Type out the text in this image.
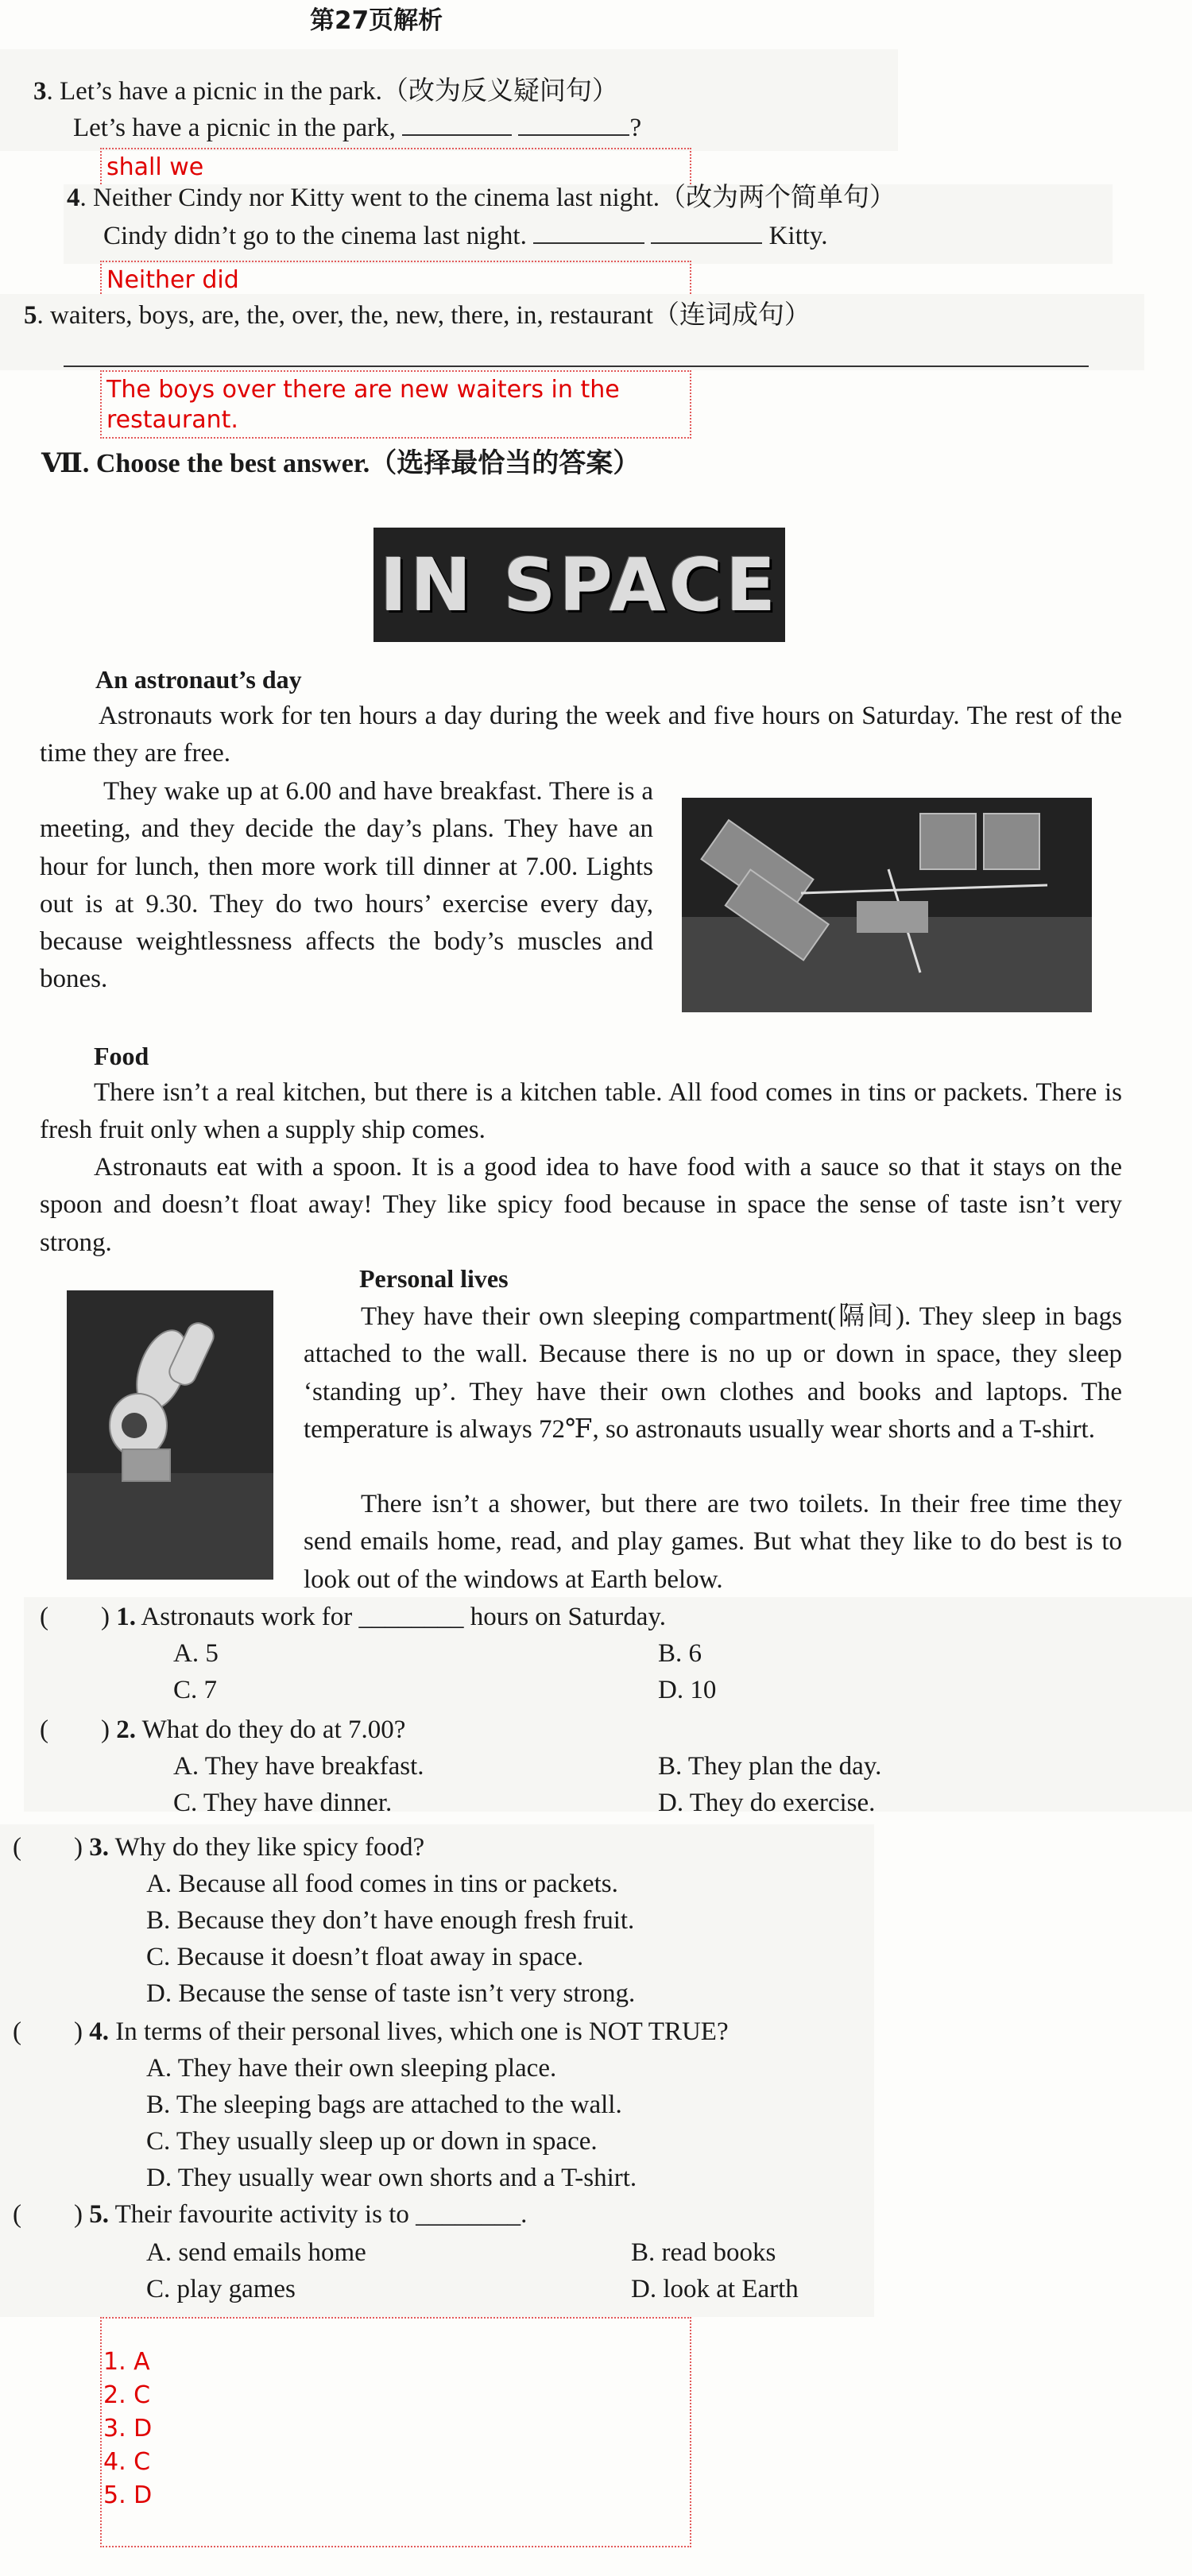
第27页解析
3. Let’s have a picnic in the park.（改为反义疑问句）
Let’s have a picnic in the park,	?
shall we
4. Neither Cindy nor Kitty went to the cinema last night.（改为两个简单句）
Cindy didn’t go to the cinema last night.	Kitty.
Neither did
5. waiters, boys, are, the, over, the, new, there, in, restaurant（连词成句）
The boys over there are new waiters in the restaurant.
Ⅶ. Choose the best answer.（选择最恰当的答案）
IN SPACE
An astronaut’s day
Astronauts work for ten hours a day during the week and five hours on Saturday. The rest of the time they are free.
They wake up at 6.00 and have breakfast. There is a meeting, and they decide the day’s plans. They have an hour for lunch, then more work till dinner at 7.00. Lights out is at 9.30. They do two hours’ exercise every day, because weightlessness affects the body’s muscles and bones.
Food
There isn’t a real kitchen, but there is a kitchen table. All food comes in tins or packets. There is fresh fruit only when a supply ship comes.
Astronauts eat with a spoon. It is a good idea to have food with a sauce so that it stays on the spoon and doesn’t float away! They like spicy food because in space the sense of taste isn’t very strong.
Personal lives
They have their own sleeping compartment(隔间). They sleep in bags attached to the wall. Because there is no up or down in space, they sleep ‘standing up’. They have their own clothes and books and laptops. The temperature is always 72℉, so astronauts usually wear shorts and a T-shirt.
There isn’t a shower, but there are two toilets. In their free time they send emails home, read, and play games. But what they like to do best is to look out of the windows at Earth below.
(　　) 1. Astronauts work for ________ hours on Saturday.
A. 5	B. 6
C. 7	D. 10
(　　) 2. What do they do at 7.00?
A. They have breakfast.	B. They plan the day.
C. They have dinner.	D. They do exercise.
(　　) 3. Why do they like spicy food?
A. Because all food comes in tins or packets.
B. Because they don’t have enough fresh fruit.
C. Because it doesn’t float away in space.
D. Because the sense of taste isn’t very strong.
(　　) 4. In terms of their personal lives, which one is NOT TRUE?
A. They have their own sleeping place.
B. The sleeping bags are attached to the wall.
C. They usually sleep up or down in space.
D. They usually wear own shorts and a T-shirt.
(　　) 5. Their favourite activity is to ________.
A. send emails home	B. read books
C. play games	D. look at Earth
1. A
2. C
3. D
4. C
5. D
